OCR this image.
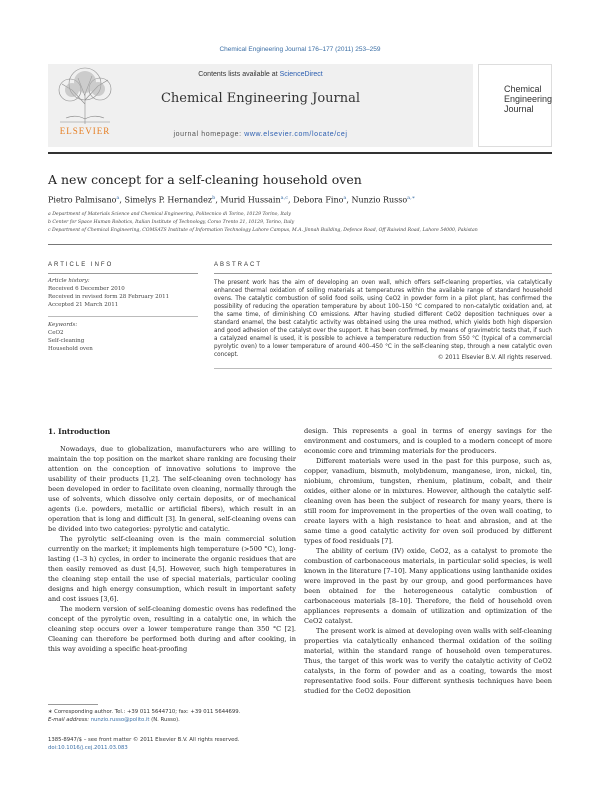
Chemical Engineering Journal 176–177 (2011) 253–259
ELSEVIER
Contents lists available at ScienceDirect
Chemical Engineering Journal
journal homepage: www.elsevier.com/locate/cej
Chemical
Engineering
Journal
A new concept for a self-cleaning household oven
Pietro Palmisano$^a$, Simelys P. Hernandez$^b$, Murid Hussain$^{a,c}$, Debora Fino$^a$, Nunzio Russo$^{a,∗}$
a Department of Materials Science and Chemical Engineering, Politecnico di Torino, 10129 Torino, Italy
b Center for Space Human Robotics, Italian Institute of Technology, Corso Trento 21, 10129, Torino, Italy
c Department of Chemical Engineering, COMSATS Institute of Information Technology Lahore Campus, M.A. Jinnah Building, Defence Road, Off Raiwind Road, Lahore 54000, Pakistan
ARTICLE INFO
Article history:
Received 6 December 2010
Received in revised form 28 February 2011
Accepted 21 March 2011
Keywords:
CeO2
Self-cleaning
Household oven
ABSTRACT
The present work has the aim of developing an oven wall, which offers self-cleaning properties, via catalytically enhanced thermal oxidation of soiling materials at temperatures within the available range of standard household ovens. The catalytic combustion of solid food soils, using CeO2 in powder form in a pilot plant, has confirmed the possibility of reducing the operation temperature by about 100–150 °C compared to non-catalytic oxidation and, at the same time, of diminishing CO emissions. After having studied different CeO2 deposition techniques over a standard enamel, the best catalytic activity was obtained using the urea method, which yields both high dispersion and good adhesion of the catalyst over the support. It has been confirmed, by means of gravimetric tests that, if such a catalyzed enamel is used, it is possible to achieve a temperature reduction from 550 °C (typical of a commercial pyrolytic oven) to a lower temperature of around 400–450 °C in the self-cleaning step, through a new catalytic oven concept.	© 2011 Elsevier B.V. All rights reserved.
1. Introduction

Nowadays, due to globalization, manufacturers who are willing to maintain the top position on the market share ranking are focusing their attention on the conception of innovative solutions to improve the usability of their products [1,2]. The self-cleaning oven technology has been developed in order to facilitate oven cleaning, normally through the use of solvents, which dissolve only certain deposits, or of mechanical agents (i.e. powders, metallic or artificial fibers), which result in an operation that is long and difficult [3]. In general, self-cleaning ovens can be divided into two categories: pyrolytic and catalytic.

The pyrolytic self-cleaning oven is the main commercial solution currently on the market; it implements high temperature (>500 °C), long-lasting (1–3 h) cycles, in order to incinerate the organic residues that are then easily removed as dust [4,5]. However, such high temperatures in the cleaning step entail the use of special materials, particular cooling designs and high energy consumption, which result in important safety and cost issues [3,6].

The modern version of self-cleaning domestic ovens has redefined the concept of the pyrolytic oven, resulting in a catalytic one, in which the cleaning step occurs over a lower temperature range than 350 °C [2]. Cleaning can therefore be performed both during and after cooking, in this way avoiding a specific heat-proofing

design. This represents a goal in terms of energy savings for the environment and costumers, and is coupled to a modern concept of more economic core and trimming materials for the producers.

Different materials were used in the past for this purpose, such as, copper, vanadium, bismuth, molybdenum, manganese, iron, nickel, tin, niobium, chromium, tungsten, rhenium, platinum, cobalt, and their oxides, either alone or in mixtures. However, although the catalytic self-cleaning oven has been the subject of research for many years, there is still room for improvement in the properties of the oven wall coating, to create layers with a high resistance to heat and abrasion, and at the same time a good catalytic activity for oven soil produced by different types of food residuals [7].

The ability of cerium (IV) oxide, CeO2, as a catalyst to promote the combustion of carbonaceous materials, in particular solid species, is well known in the literature [7–10]. Many applications using lanthanide oxides were improved in the past by our group, and good performances have been obtained for the heterogeneous catalytic combustion of carbonaceous materials [8–10]. Therefore, the field of household oven appliances represents a domain of utilization and optimization of the CeO2 catalyst.

The present work is aimed at developing oven walls with self-cleaning properties via catalytically enhanced thermal oxidation of the soiling material, within the standard range of household oven temperatures. Thus, the target of this work was to verify the catalytic activity of CeO2 catalysts, in the form of powder and as a coating, towards the most representative food soils. Four different synthesis techniques have been studied for the CeO2 deposition

∗ Corresponding author. Tel.: +39 011 5644710; fax: +39 011 5644699.
E-mail address: nunzio.russo@polito.it (N. Russo).
1385-8947/$ – see front matter © 2011 Elsevier B.V. All rights reserved.
doi:10.1016/j.cej.2011.03.083
